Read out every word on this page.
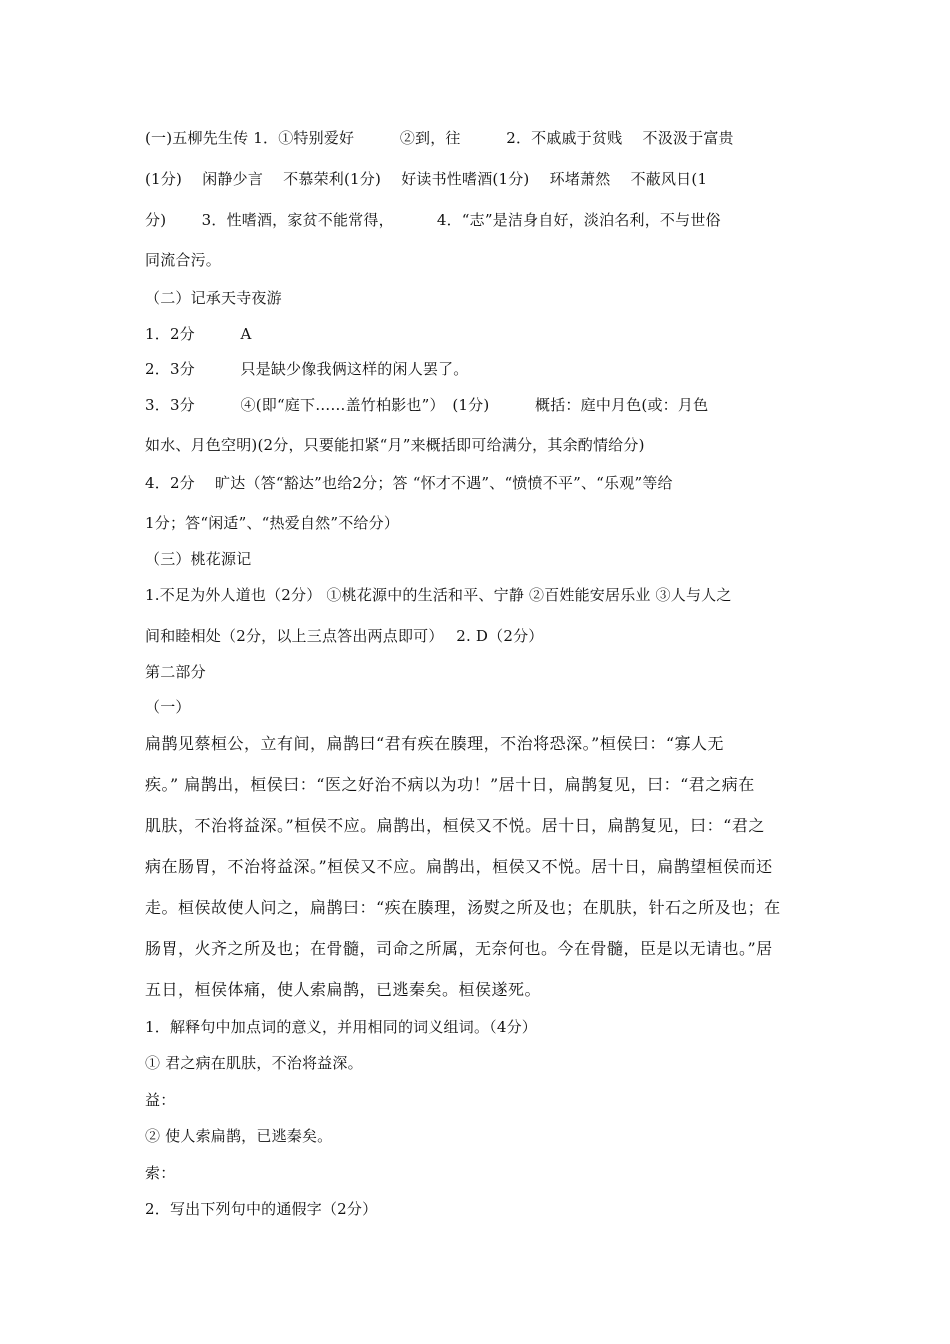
(一)五柳先生传 1．①特别爱好　　　②到，往　　　2．不戚戚于贫贱　 不汲汲于富贵
(1分)　 闲静少言　 不慕荣利(1分)　 好读书性嗜酒(1分)　 环堵萧然　 不蔽风日(1
分)　　 3．性嗜酒，家贫不能常得，　　　 4．“志”是洁身自好，淡泊名利，不与世俗
同流合污。
（二）记承天寺夜游
1．2分　　　A
2．3分　　　只是缺少像我俩这样的闲人罢了。
3．3分　　　④(即“庭下……盖竹柏影也”）　(1分)　　　概括：庭中月色(或：月色
如水、月色空明)(2分，只要能扣紧“月”来概括即可给满分，其余酌情给分)
4．2分　 旷达（答“豁达”也给2分；答 “怀才不遇”、“愤愤不平”、“乐观”等给
1分；答“闲适”、“热爱自然”不给分）
（三）桃花源记
1.不足为外人道也（2分） ①桃花源中的生活和平、宁静 ②百姓能安居乐业 ③人与人之
间和睦相处（2分，以上三点答出两点即可）　 2. D（2分）
第二部分
（一）
扁鹊见蔡桓公，立有间，扁鹊曰“君有疾在腠理，不治将恐深。”桓侯曰：“寡人无
疾。” 扁鹊出，桓侯曰：“医之好治不病以为功！”居十日，扁鹊复见，曰：“君之病在
肌肤，不治将益深。”桓侯不应。扁鹊出，桓侯又不悦。居十日，扁鹊复见，曰：“君之
病在肠胃，不治将益深。”桓侯又不应。扁鹊出，桓侯又不悦。居十日，扁鹊望桓侯而还
走。桓侯故使人问之，扁鹊曰：“疾在腠理，汤熨之所及也；在肌肤，针石之所及也；在
肠胃，火齐之所及也；在骨髓，司命之所属，无奈何也。今在骨髓，臣是以无请也。”居
五日，桓侯体痛，使人索扁鹊，已逃秦矣。桓侯遂死。
1．解释句中加点词的意义，并用相同的词义组词。（4分）
① 君之病在肌肤，不治将益深。
益：
② 使人索扁鹊，已逃秦矣。
索：
2．写出下列句中的通假字（2分）
